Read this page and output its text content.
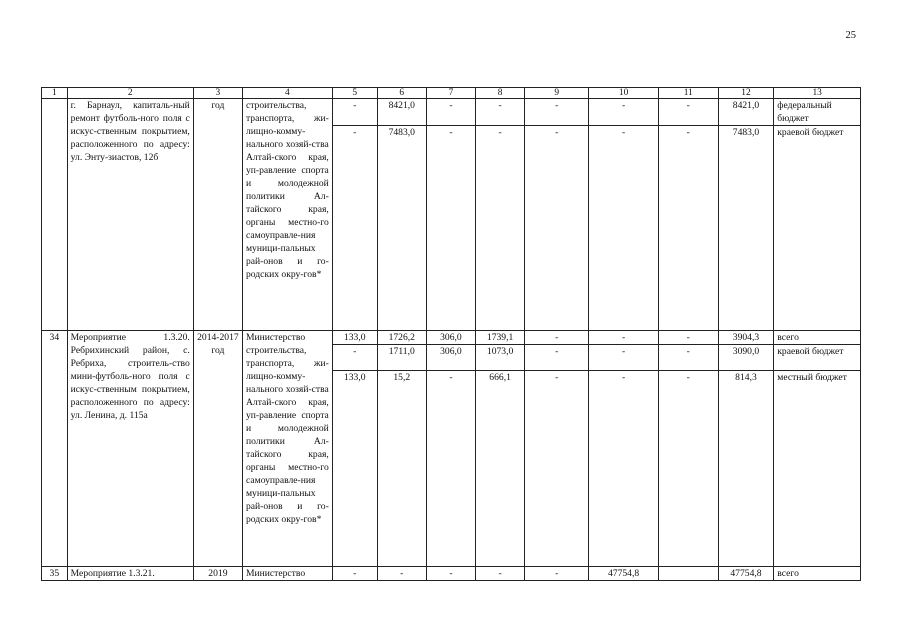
25
1	2	3	4	5	6	7	8	9	10	11	12	13
	г. Барнаул, капиталь-ный ремонт футболь-ного поля с искус-ственным покрытием, расположенного по адресу: ул. Энту-зиастов, 12б	год	строительства, транспорта, жи-лищно-комму-нального хозяй-ства Алтай-ского края, уп-равление спорта и молодежной политики Ал-тайского края, органы местно-го самоуправле-ния муници-пальных рай-онов и го-родских окру-гов*	-	8421,0	-	-	-	-	-	8421,0	федеральный бюджет
				-	7483,0	-	-	-	-	-	7483,0	краевой бюджет
34	Мероприятие 1.3.20. Ребрихинский район, с. Ребриха, строитель-ство мини-футболь-ного поля с искус-ственным покрытием, расположенного по адресу: ул. Ленина, д. 115а	2014-2017 год	Министерство строительства, транспорта, жи-лищно-комму-нального хозяй-ства Алтай-ского края, уп-равление спорта и молодежной политики Ал-тайского края, органы местно-го самоуправле-ния муници-пальных рай-онов и го-родских окру-гов*	133,0	1726,2	306,0	1739,1	-	-	-	3904,3	всего
				-	1711,0	306,0	1073,0	-	-	-	3090,0	краевой бюджет
				133,0	15,2	-	666,1	-	-	-	814,3	местный бюджет
35	Мероприятие 1.3.21.	2019	Министерство	-	-	-	-	-	47754,8		47754,8	всего
